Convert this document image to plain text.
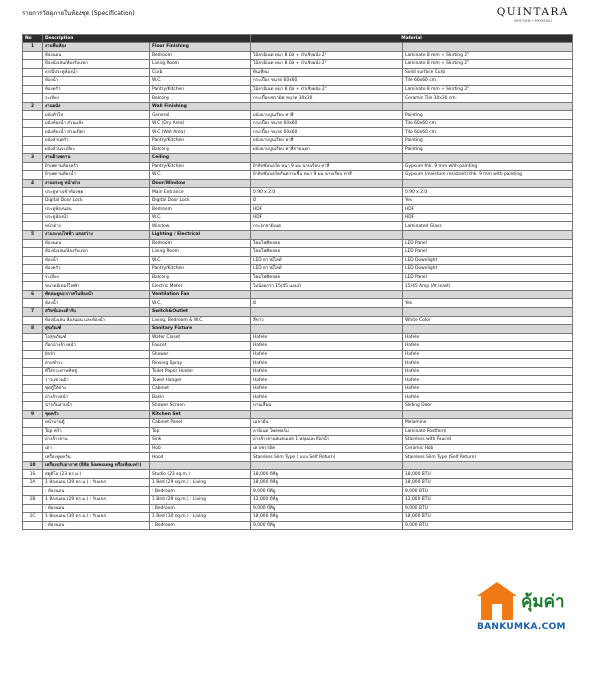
รายการวัสดุภายในห้องชุด (Specification)	QUINTARA
MHY'GEN • PHYATHAI
No	Description		Material	
1	งานพื้นห้อง	Floor Finishing		
	ห้องนอน	Bedroom	ไม้ลามิเนต หนา 8 มิล + บัวเชิงผนัง 2"	Laminate 8 mm + Skirting 2"
	ห้องนั่งเล่น/ห้องรับแขก	Living Room	ไม้ลามิเนต หนา 8 มิล + บัวเชิงผนัง 2"	Laminate 8 mm + Skirting 2"
	ธรณีประตูห้องน้ำ	Curb	หินเทียม	Solid surface Curb
	ห้องน้ำ	W.C.	กระเบื้อง ขนาด 60x60	Tile 60x60 cm.
	ห้องครัว	Pantry/Kitchen	ไม้ลามิเนต หนา 8 มิล + บัวเชิงผนัง 2"	Laminate 8 mm + Skirting 2"
	ระเบียง	Balcony	กระเบื้องเซรามิค ขนาด 30x30	Ceramic Tile 30x30 cm.
2	งานผนัง	Wall Finishing		
	ผนังทั่วไป	General	ผนังฉาบปูนเรียบ ทาสี	Painting
	ผนังห้องน้ำ ส่วนแห้ง	W.C (Dry Area)	กระเบื้อง ขนาด 60x60	Tile 60x60 cm.
	ผนังห้องน้ำ ส่วนเปียก	W.C (Wet Area)	กระเบื้อง ขนาด 60x60	Tile 60x60 cm.
	ผนังส่วนครัว	Pantry/Kitchen	ผนังฉาบปูนเรียบ ทาสี	Painting
	ผนังส่วนระเบียง	Balcony	ผนังฉาบปูนเรียบ ทาสีภายนอก	Painting
3	งานฝ้าเพดาน	Ceiling		
	ฝ้าเพดานห้องครัว	Pantry/Kitchen	ฝ้ายิปซั่มบอร์ด หนา 9 มม ฉาบเรียบ ทาสี	Gypsum thk. 9 mm with painting
	ฝ้าเพดานห้องน้ำ	W.C.	ฝ้ายิปซั่มบอร์ดกันความชื้น หนา 9 มม ฉาบเรียบ ทาสี	Gypsum (moisture resistant) thk. 9 mm with painting
4	งานประตู หน้าต่าง	Door/Window		
	ประตูทางเข้าห้องชุด	Main Entrance	0.90 x 2.0	0.90 x 2.0
	Digital Door Lock	Digital Door Lock	มี	Yes
	ประตูห้องนอน	Bedroom	HDF	HDF
	ประตูห้องน้ำ	W.C.	HDF	HDF
	หน้าต่าง	Window	กระจกลามิเนต	Laminated Glass
5	งานระบบไฟฟ้า แสงสว่าง	Lighting / Electrical		
	ห้องนอน	Bedroom	โคมไฟติดลอย	LED Panel
	ห้องนั่งเล่น/ห้องรับแขก	Living Room	โคมไฟติดลอย	LED Panel
	ห้องน้ำ	W.C.	LED ดาวน์ไลท์	LED Downlight
	ห้องครัว	Pantry/Kitchen	LED ดาวน์ไลท์	LED Downlight
	ระเบียง	Balcony	โคมไฟติดลอย	LED Panel
	ขนาดมิเตอร์ไฟฟ้า	Electric Meter	ไม่น้อยกว่า 15/45 แอมป์	15/45 Amp (At least)
6	พัดลมดูดอากาศในห้องน้ำ	Ventilation Fan		
	ห้องน้ำ	W.C.	มี	Yes
7	สวิทช์และเต้ารับ	Switch&Outlet		
	ห้องนั่งเล่น ห้องนอน และห้องน้ำ	Living, Bedroom & W.C.	สีขาว	White Color
8	สุขภัณฑ์	Sanitary Fixture		
	โถสุขภัณฑ์	Water Closet	Hafele	Hafele
	ก๊อกอ่างล้างหน้า	Faucet	Hafele	Hafele
	ฝักบัว	Shower	Hafele	Hafele
	สายชำระ	Rinsing Spray	Hafele	Hafele
	ที่ใส่กระดาษทิชชู่	Toilet Paper Holder	Hafele	Hafele
	ราวแขวนผ้า	Towel Hanger	Hafele	Hafele
	ชุดตู้ใต้อ่าง	Cabinet	Hafele	Hafele
	อ่างล้างหน้า	Basin	Hafele	Hafele
	ฉากกั้นอาบน้ำ	Shower Screen	บานเลื่อน	Sliding Door
9	ชุดครัว	Kitchen Set		
	หน้าบานตู้	Cabinet Panel	เมลามีน	Melamine
	Top ครัว	Top	ลามิเนต โพสฟอร์ม	Laminate Postform
	อ่างล้างจาน	Sink	อ่างล้างจานสแตนเลส 1 หลุมและก๊อกน้ำ	Stainless with Faucet
	เตา	Hob	เตาเซรามิค	Ceramic Hob
	เครื่องดูดควัน	Hood	Stainless Slim Type ( แบบ Self Return)	Stainless Slim Type (Self Return)
10	เครื่องปรับอากาศ (ยี่ห้อ Samsung หรือเทียบเท่า)			
1S	สตูดิโอ (23 ตร.ม.)	Studio (23 sq.m.)	18,000 บีทียู	18,000 BTU
1A	1 ห้องนอน (29 ตร.ม.) : รับแขก	1 Bed (29 sq.m.) : Living	18,000 บีทียู	18,000 BTU
	: ห้องนอน	: Bedroom	9,000 บีทียู	9,000 BTU
1B	1 ห้องนอน (29 ตร.ม.) : รับแขก	1 Bed (29 sq.m.) : Living	12,000 บีทียู	12,000 BTU
	: ห้องนอน	: Bedroom	9,000 บีทียู	9,000 BTU
1C	1 ห้องนอน (30 ตร.ม.) : รับแขก	1 Bed (30 sq.m.) : Living	18,000 บีทียู	18,000 BTU
	: ห้องนอน	: Bedroom	9,000 บีทียู	9,000 BTU
คุ้มค่า
BANKUMKA.COM
